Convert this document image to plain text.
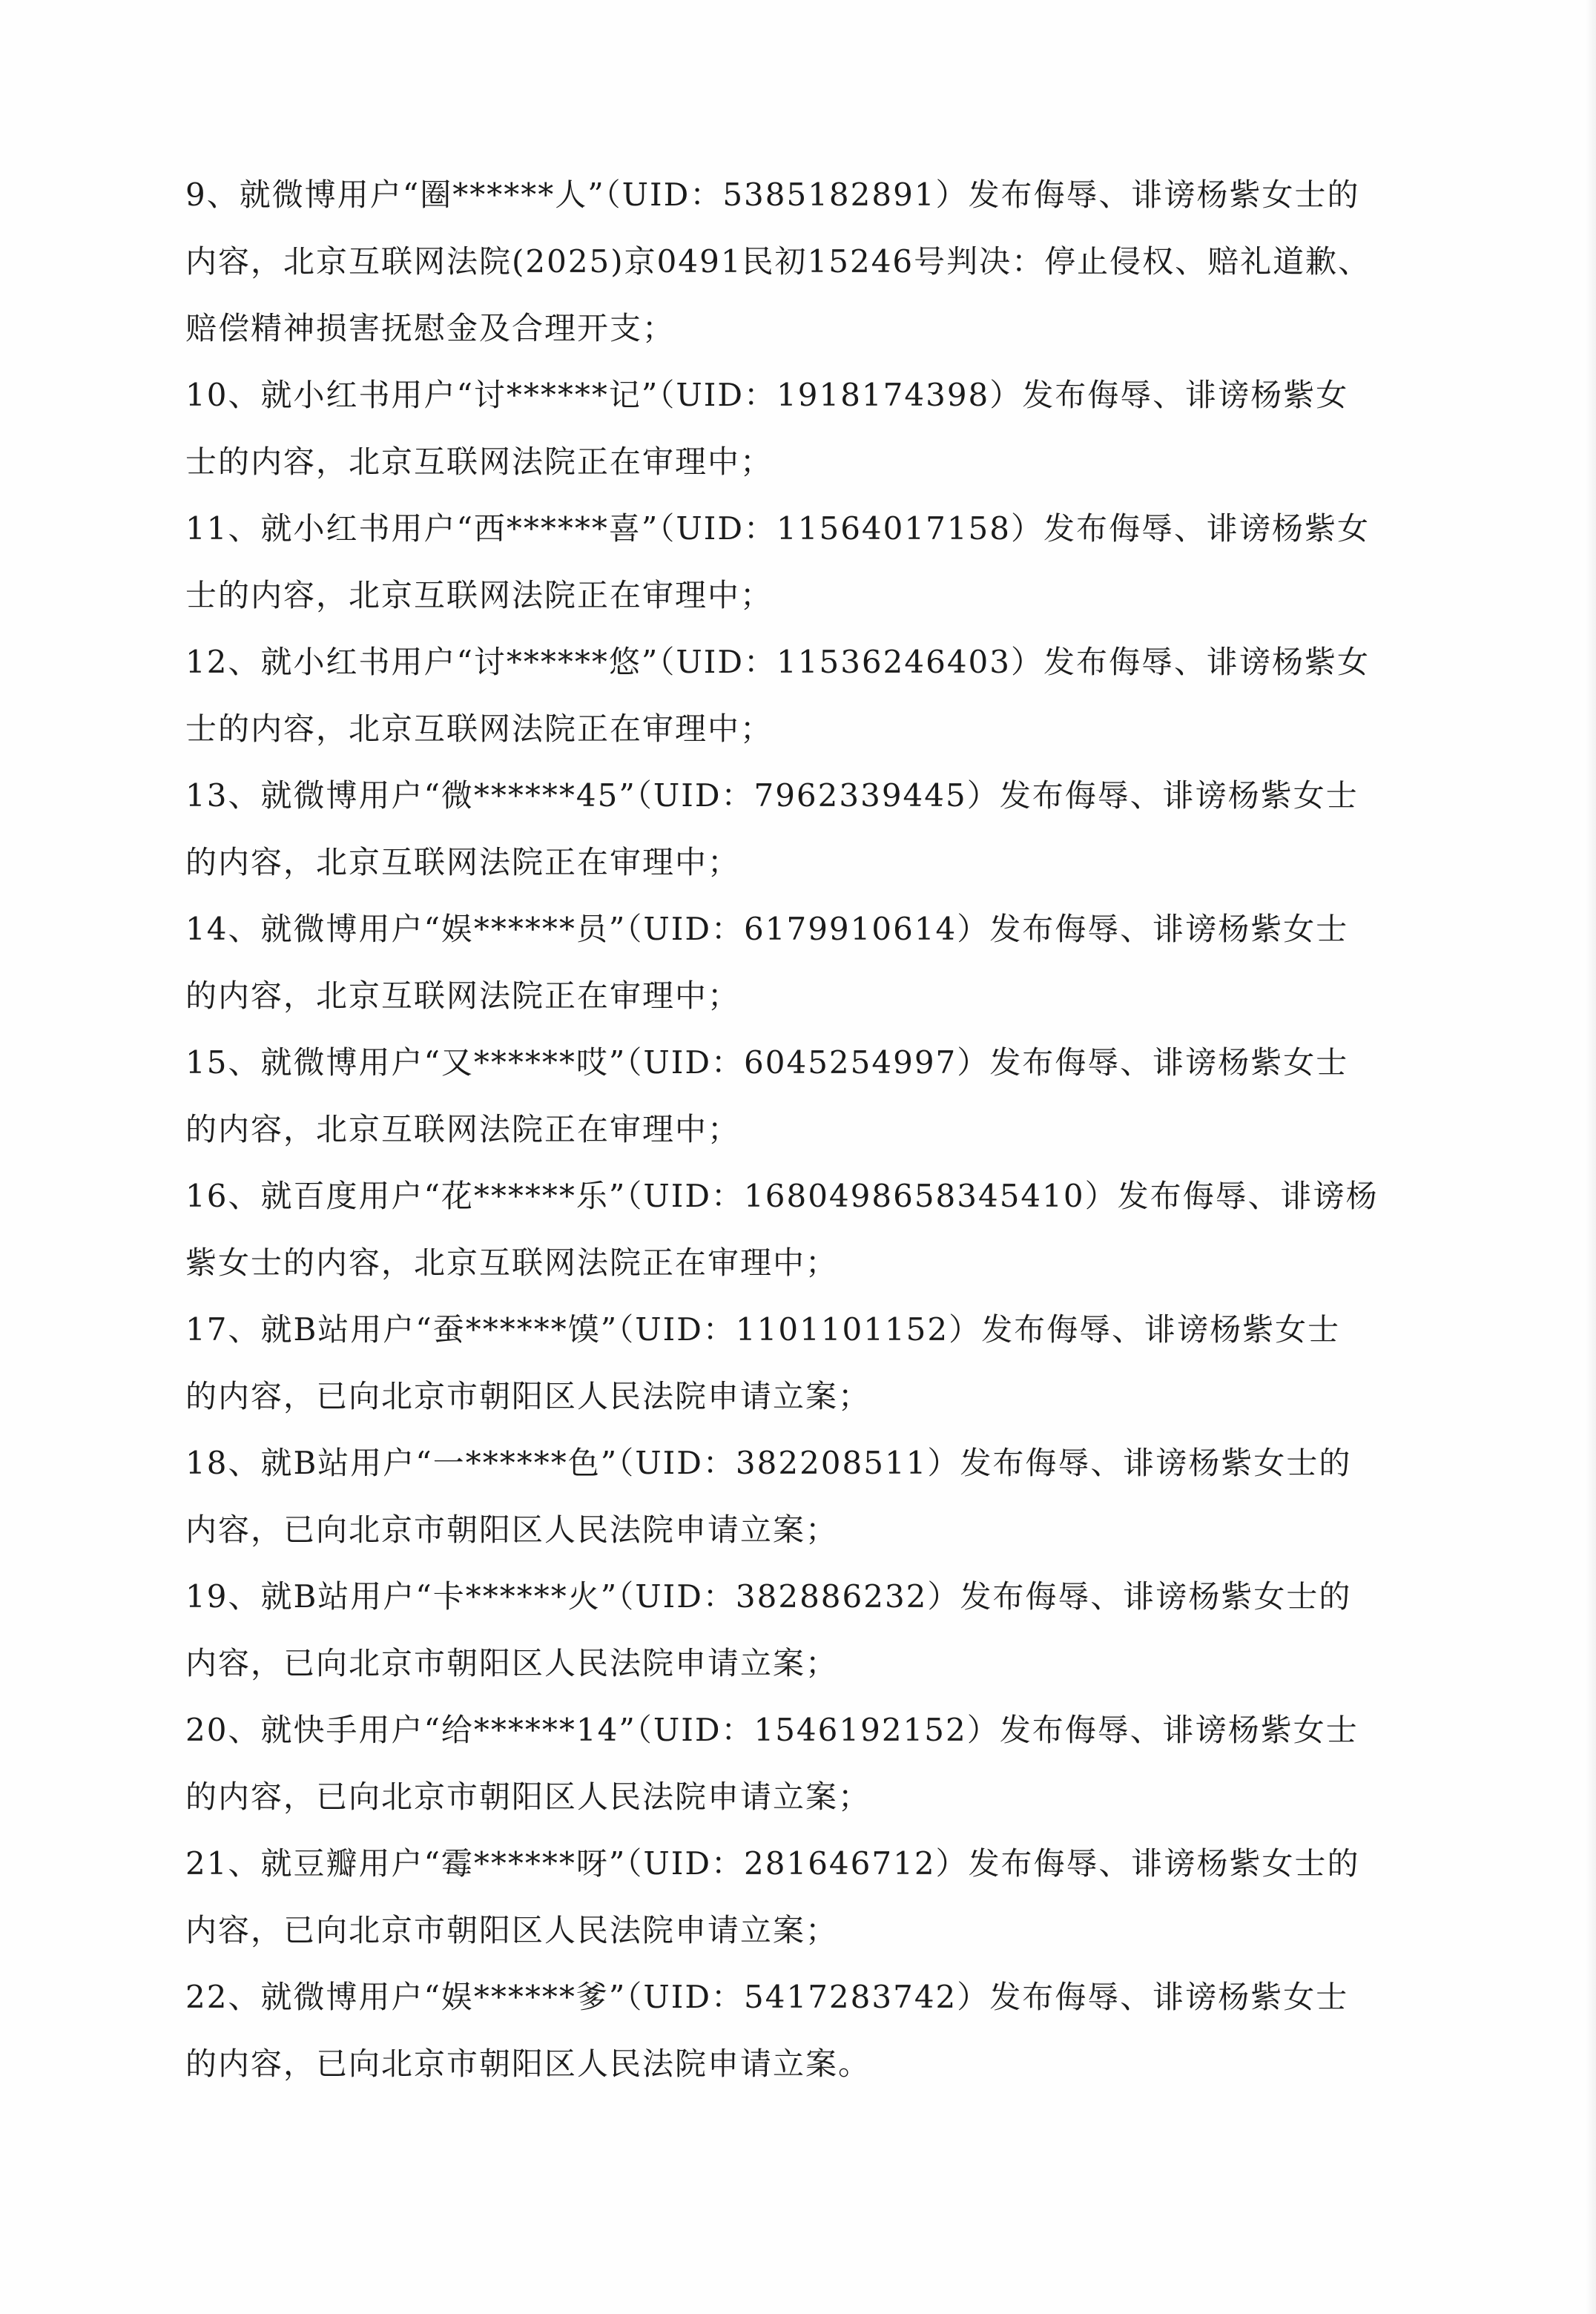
9、就微博用户“圈******人”（UID：5385182891）发布侮辱、诽谤杨紫女士的
内容，北京互联网法院(2025)京0491民初15246号判决：停止侵权、赔礼道歉、
赔偿精神损害抚慰金及合理开支；

10、就小红书用户“讨******记”（UID：1918174398）发布侮辱、诽谤杨紫女
士的内容，北京互联网法院正在审理中；

11、就小红书用户“西******喜”（UID：11564017158）发布侮辱、诽谤杨紫女
士的内容，北京互联网法院正在审理中；

12、就小红书用户“讨******悠”（UID：11536246403）发布侮辱、诽谤杨紫女
士的内容，北京互联网法院正在审理中；

13、就微博用户“微******45”（UID：7962339445）发布侮辱、诽谤杨紫女士
的内容，北京互联网法院正在审理中；

14、就微博用户“娱******员”（UID：6179910614）发布侮辱、诽谤杨紫女士
的内容，北京互联网法院正在审理中；

15、就微博用户“又******哎”（UID：6045254997）发布侮辱、诽谤杨紫女士
的内容，北京互联网法院正在审理中；

16、就百度用户“花******乐”（UID：1680498658345410）发布侮辱、诽谤杨
紫女士的内容，北京互联网法院正在审理中；

17、就B站用户“蚕******馍”（UID：1101101152）发布侮辱、诽谤杨紫女士
的内容，已向北京市朝阳区人民法院申请立案；

18、就B站用户“一******色”（UID：382208511）发布侮辱、诽谤杨紫女士的
内容，已向北京市朝阳区人民法院申请立案；

19、就B站用户“卡******火”（UID：382886232）发布侮辱、诽谤杨紫女士的
内容，已向北京市朝阳区人民法院申请立案；

20、就快手用户“给******14”（UID：1546192152）发布侮辱、诽谤杨紫女士
的内容，已向北京市朝阳区人民法院申请立案；

21、就豆瓣用户“霉******呀”（UID：281646712）发布侮辱、诽谤杨紫女士的
内容，已向北京市朝阳区人民法院申请立案；

22、就微博用户“娱******爹”（UID：5417283742）发布侮辱、诽谤杨紫女士
的内容，已向北京市朝阳区人民法院申请立案。
